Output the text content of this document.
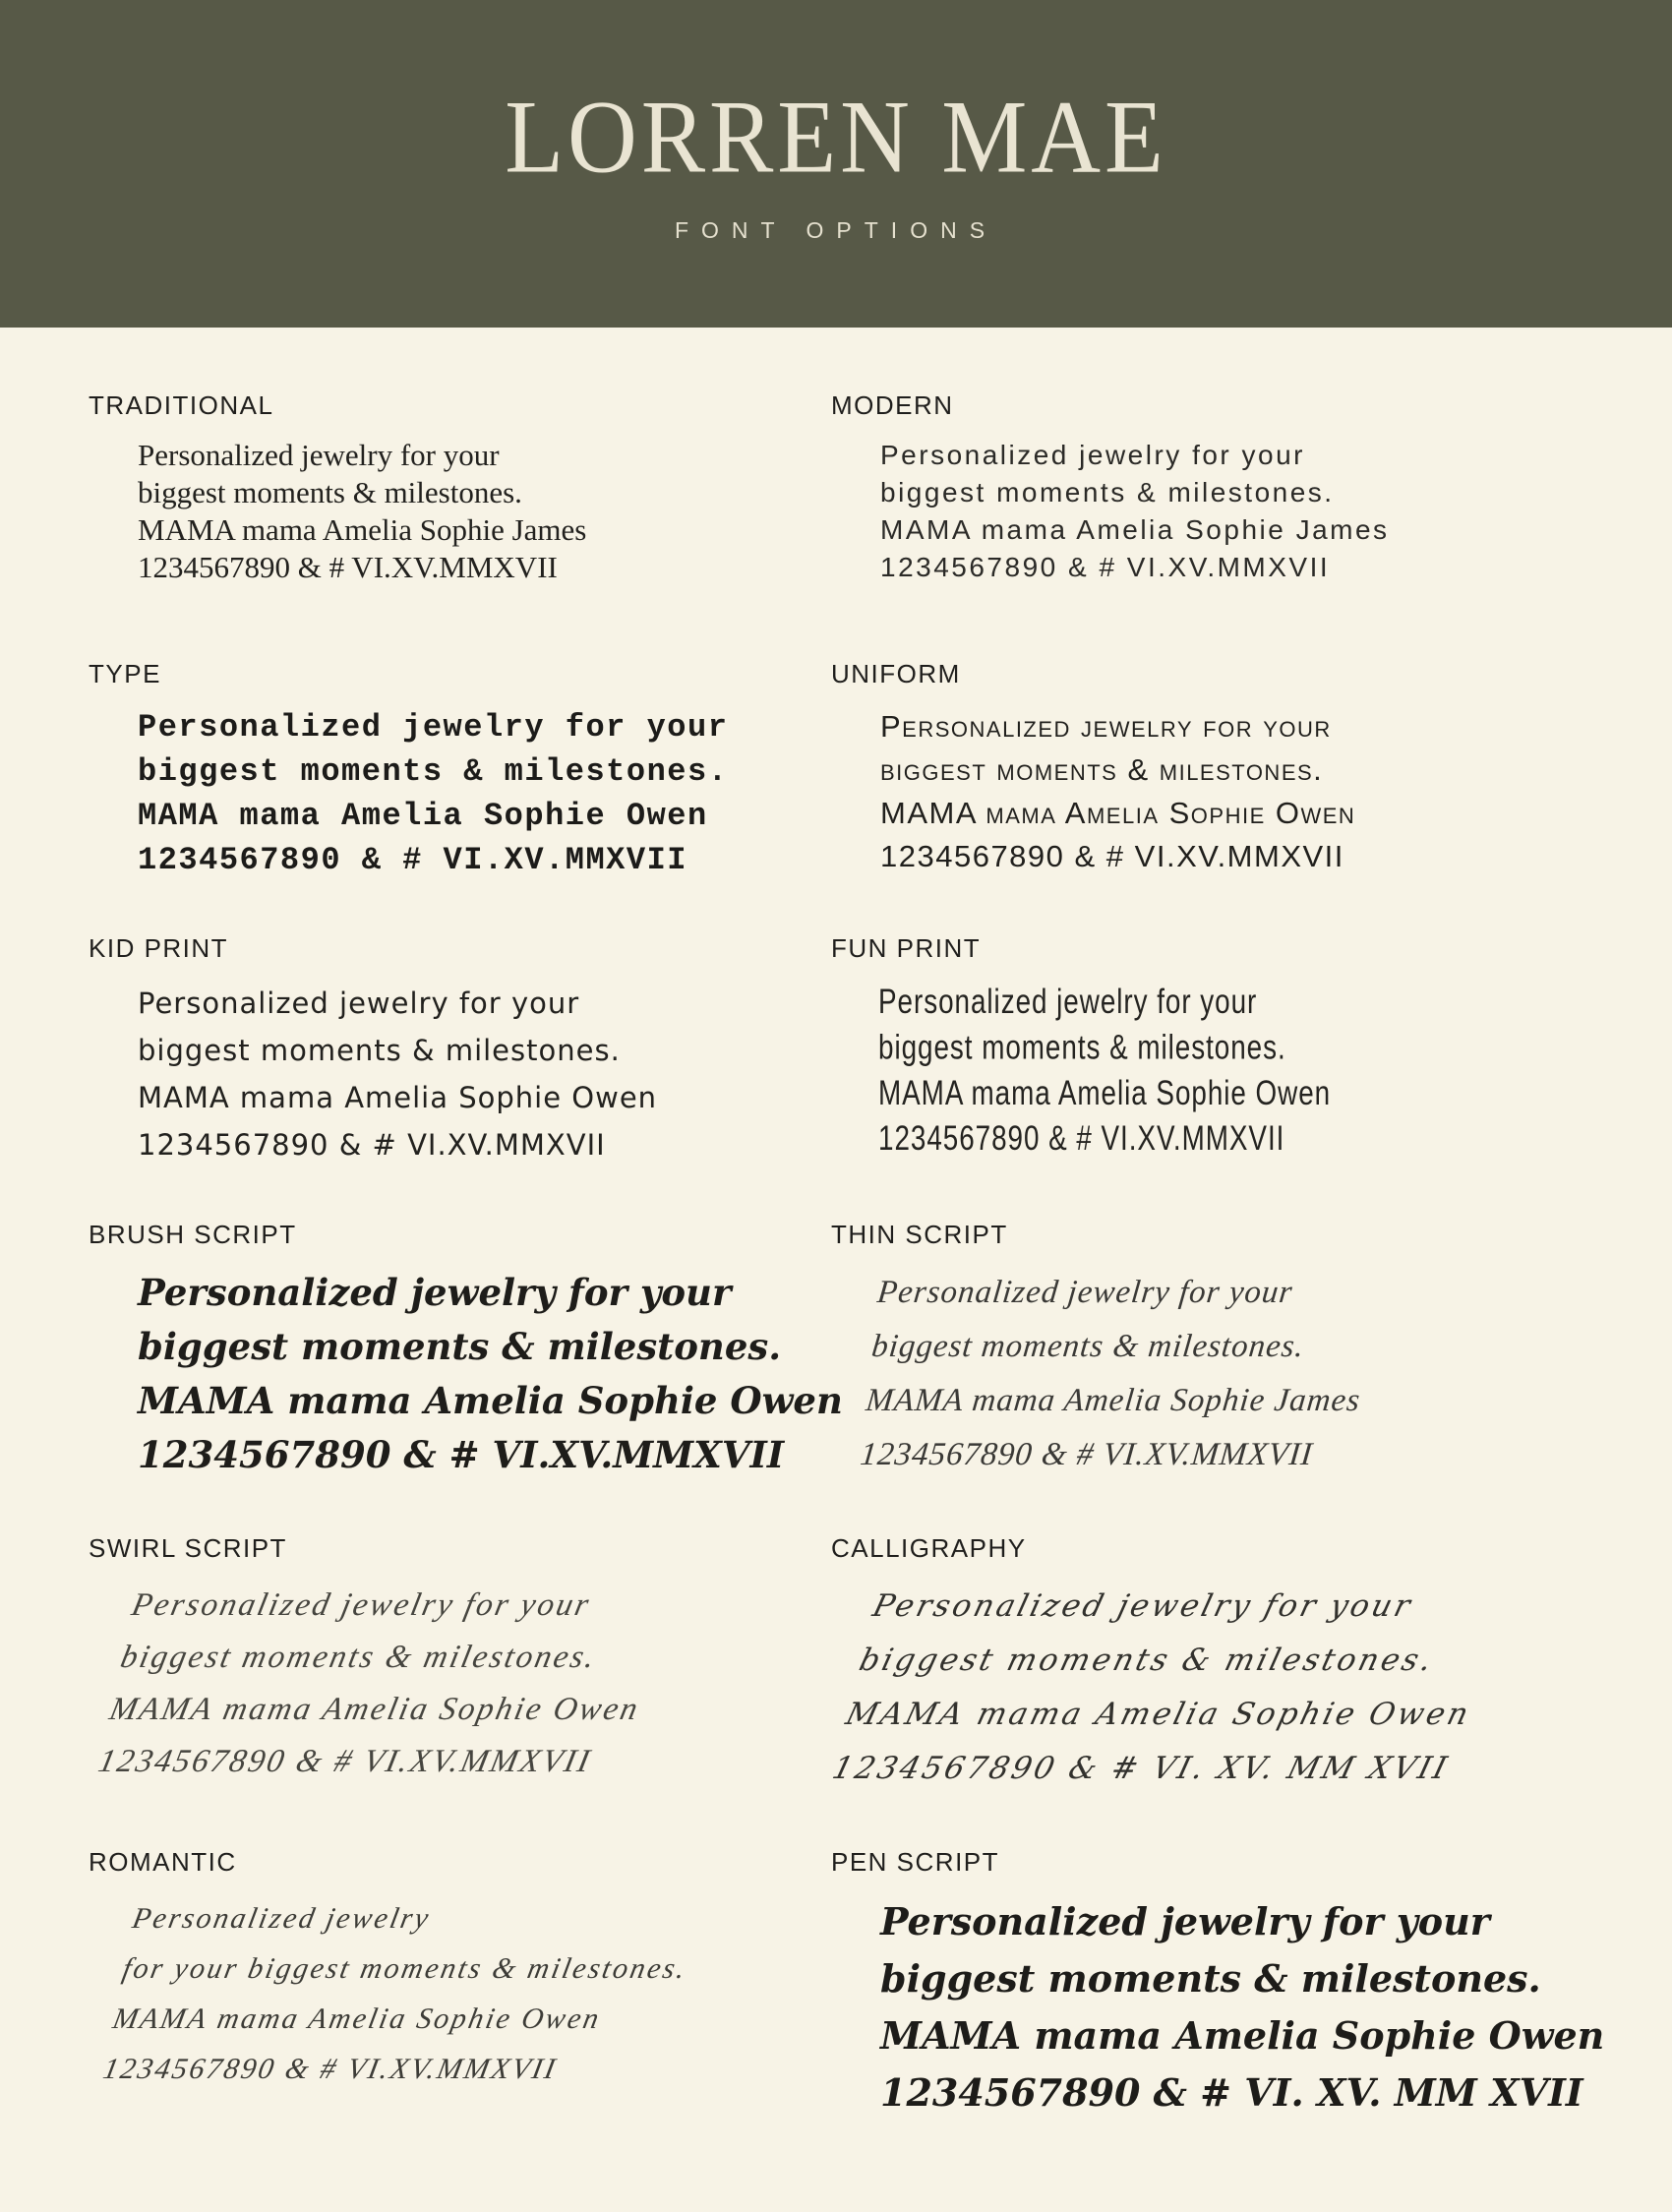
LORREN MAE
FONT OPTIONS
TRADITIONAL
Personalized jewelry for your
biggest moments & milestones.
MAMA mama Amelia Sophie James
1234567890 & # VI.XV.MMXVII
MODERN
Personalized jewelry for your
biggest moments & milestones.
MAMA mama Amelia Sophie James
1234567890 & # VI.XV.MMXVII
TYPE
Personalized jewelry for your
biggest moments & milestones.
MAMA mama Amelia Sophie Owen
1234567890 & # VI.XV.MMXVII
UNIFORM
Personalized jewelry for your
biggest moments & milestones.
MAMA mama Amelia Sophie Owen
1234567890 & # VI.XV.MMXVII
KID PRINT
Personalized jewelry for your
biggest moments & milestones.
MAMA mama Amelia Sophie Owen
1234567890 & # VI.XV.MMXVII
FUN PRINT
Personalized jewelry for your
biggest moments & milestones.
MAMA mama Amelia Sophie Owen
1234567890 & # VI.XV.MMXVII
BRUSH SCRIPT
Personalized jewelry for your
biggest moments & milestones.
MAMA mama Amelia Sophie Owen
1234567890 & # VI.XV.MMXVII
THIN SCRIPT
Personalized jewelry for your
biggest moments & milestones.
MAMA mama Amelia Sophie James
1234567890 & # VI.XV.MMXVII
SWIRL SCRIPT
Personalized jewelry for your
biggest moments & milestones.
MAMA mama Amelia Sophie Owen
1234567890 & # VI.XV.MMXVII
CALLIGRAPHY
Personalized jewelry for your
biggest moments & milestones.
MAMA mama Amelia Sophie Owen
1234567890 & # VI. XV. MM XVII
ROMANTIC
Personalized jewelry
for your biggest moments & milestones.
MAMA mama Amelia Sophie Owen
1234567890 & # VI.XV.MMXVII
PEN SCRIPT
Personalized jewelry for your
biggest moments & milestones.
MAMA mama Amelia Sophie Owen
1234567890 & # VI. XV. MM XVII
